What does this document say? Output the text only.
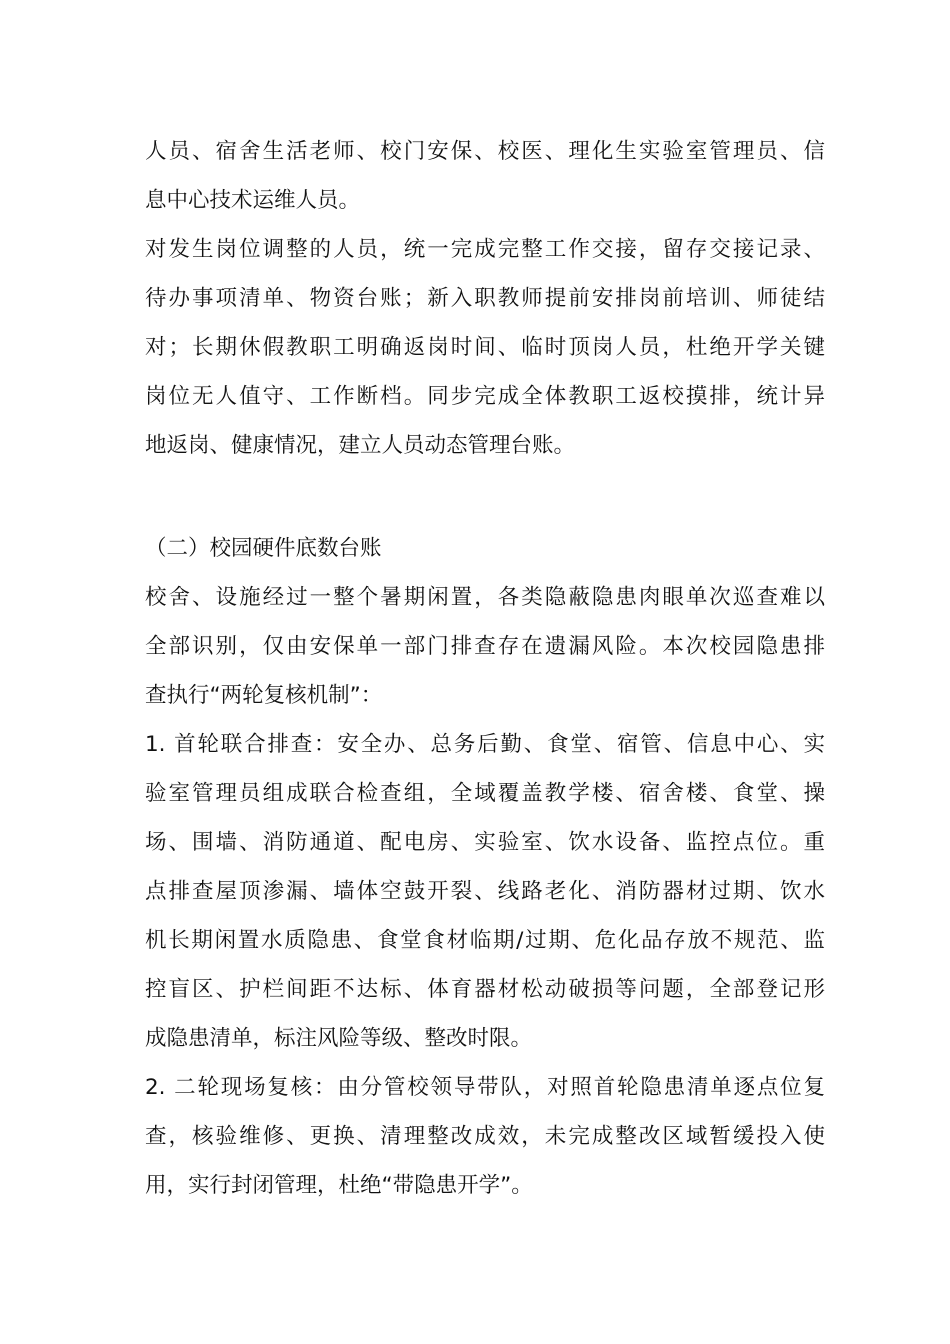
人员、宿舍生活老师、校门安保、校医、理化生实验室管理员、信
息中心技术运维人员。
对发生岗位调整的人员，统一完成完整工作交接，留存交接记录、
待办事项清单、物资台账；新入职教师提前安排岗前培训、师徒结
对；长期休假教职工明确返岗时间、临时顶岗人员，杜绝开学关键
岗位无人值守、工作断档。同步完成全体教职工返校摸排，统计异
地返岗、健康情况，建立人员动态管理台账。
（二）校园硬件底数台账
校舍、设施经过一整个暑期闲置，各类隐蔽隐患肉眼单次巡查难以
全部识别，仅由安保单一部门排查存在遗漏风险。本次校园隐患排
查执行“两轮复核机制”：
1. 首轮联合排查：安全办、总务后勤、食堂、宿管、信息中心、实
验室管理员组成联合检查组，全域覆盖教学楼、宿舍楼、食堂、操
场、围墙、消防通道、配电房、实验室、饮水设备、监控点位。重
点排查屋顶渗漏、墙体空鼓开裂、线路老化、消防器材过期、饮水
机长期闲置水质隐患、食堂食材临期/过期、危化品存放不规范、监
控盲区、护栏间距不达标、体育器材松动破损等问题，全部登记形
成隐患清单，标注风险等级、整改时限。
2. 二轮现场复核：由分管校领导带队，对照首轮隐患清单逐点位复
查，核验维修、更换、清理整改成效，未完成整改区域暂缓投入使
用，实行封闭管理，杜绝“带隐患开学”。
